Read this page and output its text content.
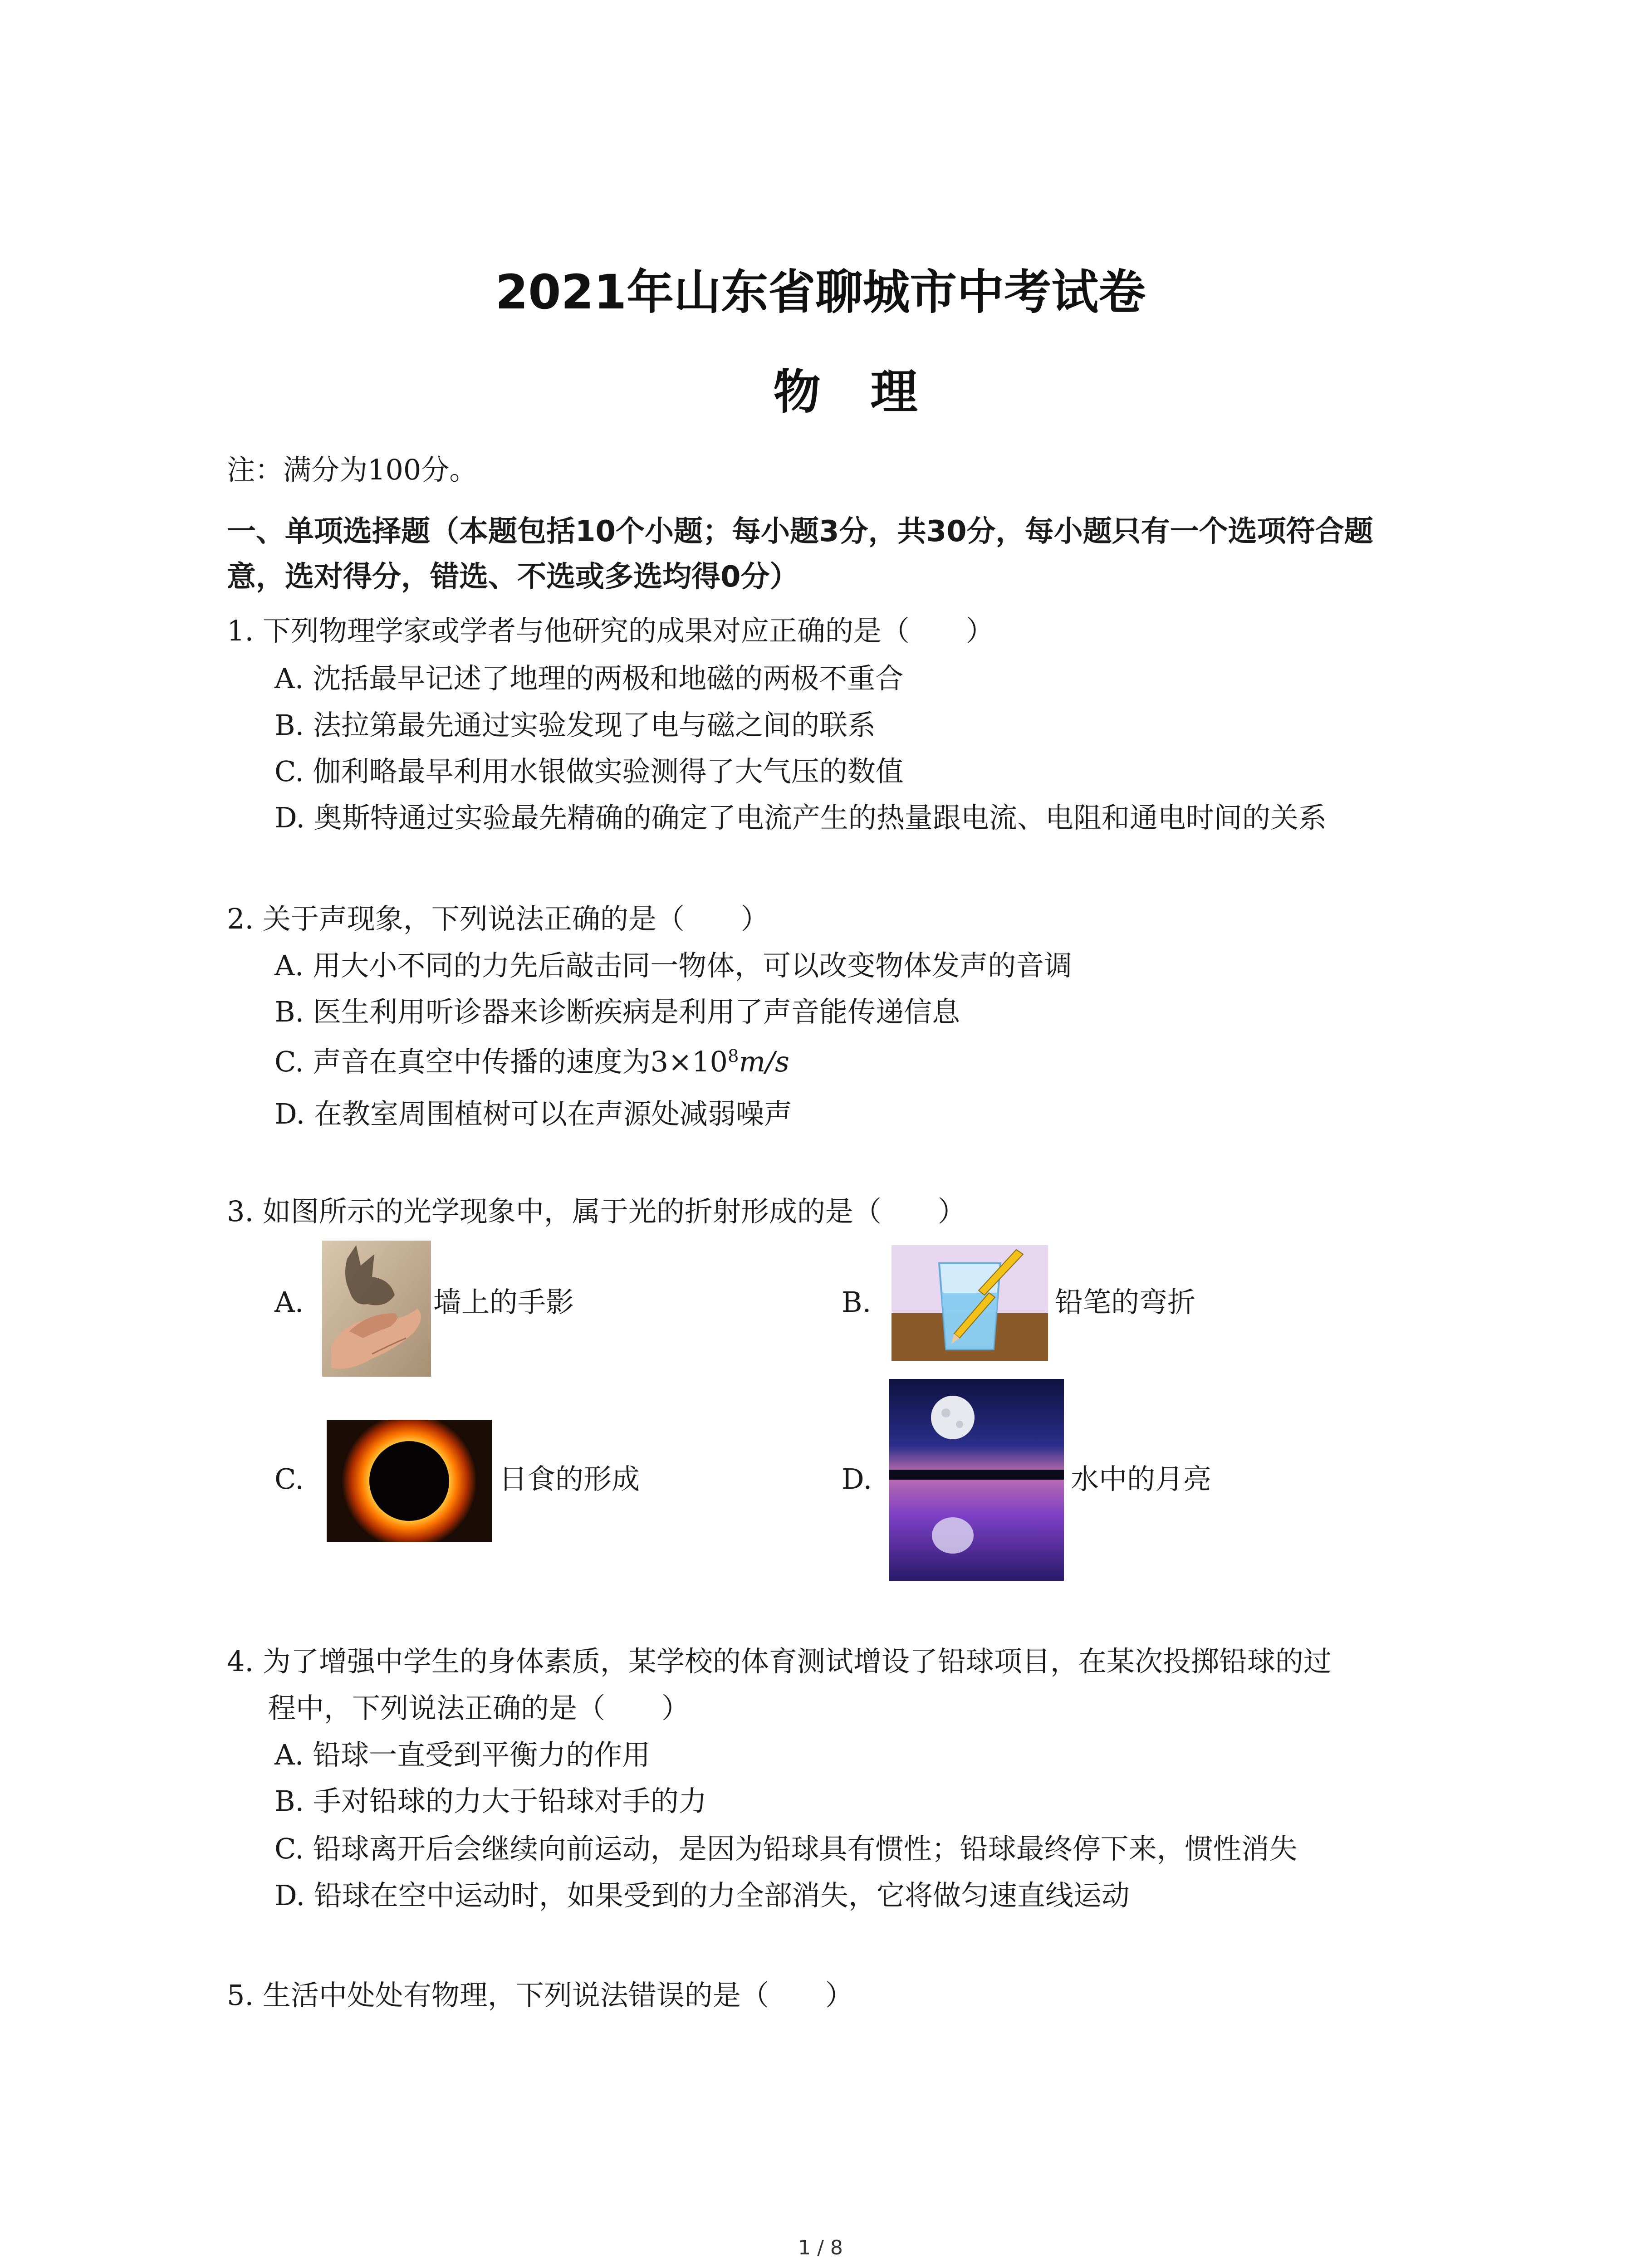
2021年山东省聊城市中考试卷
物理
注：满分为100分。
一、单项选择题（本题包括10个小题；每小题3分，共30分，每小题只有一个选项符合题
意，选对得分，错选、不选或多选均得0分）
1. 下列物理学家或学者与他研究的成果对应正确的是（　　）
A. 沈括最早记述了地理的两极和地磁的两极不重合
B. 法拉第最先通过实验发现了电与磁之间的联系
C. 伽利略最早利用水银做实验测得了大气压的数值
D. 奥斯特通过实验最先精确的确定了电流产生的热量跟电流、电阻和通电时间的关系
2. 关于声现象，下列说法正确的是（　　）
A. 用大小不同的力先后敲击同一物体，可以改变物体发声的音调
B. 医生利用听诊器来诊断疾病是利用了声音能传递信息
C. 声音在真空中传播的速度为$3\times 10^8m/s$
D. 在教室周围植树可以在声源处减弱噪声
3. 如图所示的光学现象中，属于光的折射形成的是（　　）
A.	墙上的手影	B.	铅笔的弯折
C.	日食的形成	D.	水中的月亮
4. 为了增强中学生的身体素质，某学校的体育测试增设了铅球项目，在某次投掷铅球的过
程中，下列说法正确的是（　　）
A. 铅球一直受到平衡力的作用
B. 手对铅球的力大于铅球对手的力
C. 铅球离开后会继续向前运动，是因为铅球具有惯性；铅球最终停下来，惯性消失
D. 铅球在空中运动时，如果受到的力全部消失，它将做匀速直线运动
5. 生活中处处有物理，下列说法错误的是（　　）
1 / 8
